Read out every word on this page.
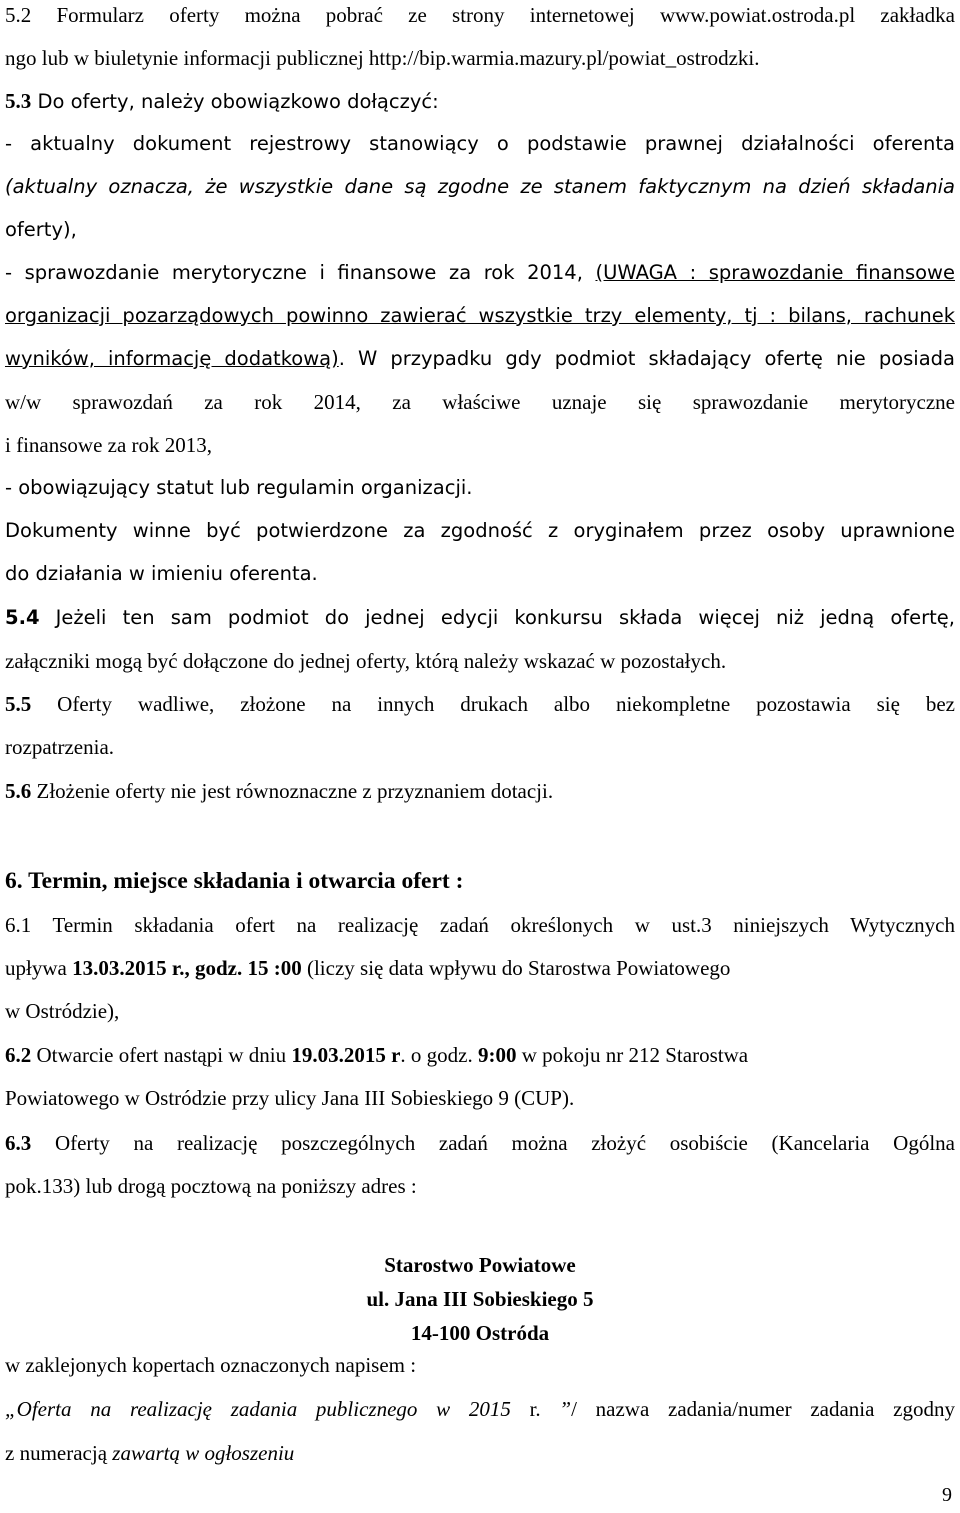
5.2 Formularz oferty można pobrać ze strony internetowej www.powiat.ostroda.pl zakładka
ngo lub w biuletynie informacji publicznej http://bip.warmia.mazury.pl/powiat_ostrodzki.
5.3 Do oferty, należy obowiązkowo dołączyć:
- aktualny dokument rejestrowy stanowiący o podstawie prawnej działalności oferenta
(aktualny oznacza, że wszystkie dane są zgodne ze stanem faktycznym na dzień składania
oferty),
- sprawozdanie merytoryczne i finansowe za rok 2014, (UWAGA : sprawozdanie finansowe
organizacji pozarządowych powinno zawierać wszystkie trzy elementy, tj : bilans, rachunek
wyników, informację dodatkową). W przypadku gdy podmiot składający ofertę nie posiada
w/w sprawozdań za rok 2014, za właściwe uznaje się sprawozdanie merytoryczne
i finansowe za rok 2013,
- obowiązujący statut lub regulamin organizacji.
Dokumenty winne być potwierdzone za zgodność z oryginałem przez osoby uprawnione
do działania w imieniu oferenta.
5.4 Jeżeli ten sam podmiot do jednej edycji konkursu składa więcej niż jedną ofertę,
załączniki mogą być dołączone do jednej oferty, którą należy wskazać w pozostałych.
5.5 Oferty wadliwe, złożone na innych drukach albo niekompletne pozostawia się bez
rozpatrzenia.
5.6 Złożenie oferty nie jest równoznaczne z przyznaniem dotacji.
6. Termin, miejsce składania i otwarcia ofert :
6.1 Termin składania ofert na realizację zadań określonych w ust.3 niniejszych Wytycznych
upływa 13.03.2015 r., godz. 15 :00 (liczy się data wpływu do Starostwa Powiatowego
w Ostródzie),
6.2 Otwarcie ofert nastąpi w dniu 19.03.2015 r. o godz. 9:00 w pokoju nr 212 Starostwa
Powiatowego w Ostródzie przy ulicy Jana III Sobieskiego 9 (CUP).
6.3 Oferty na realizację poszczególnych zadań można złożyć osobiście (Kancelaria Ogólna
pok.133) lub drogą pocztową na poniższy adres :
Starostwo Powiatowe
ul. Jana III Sobieskiego 5
14-100 Ostróda
w zaklejonych kopertach oznaczonych napisem :
„Oferta na realizację zadania publicznego w 2015 r. ”/ nazwa zadania/numer zadania zgodny
z numeracją zawartą w ogłoszeniu
9
